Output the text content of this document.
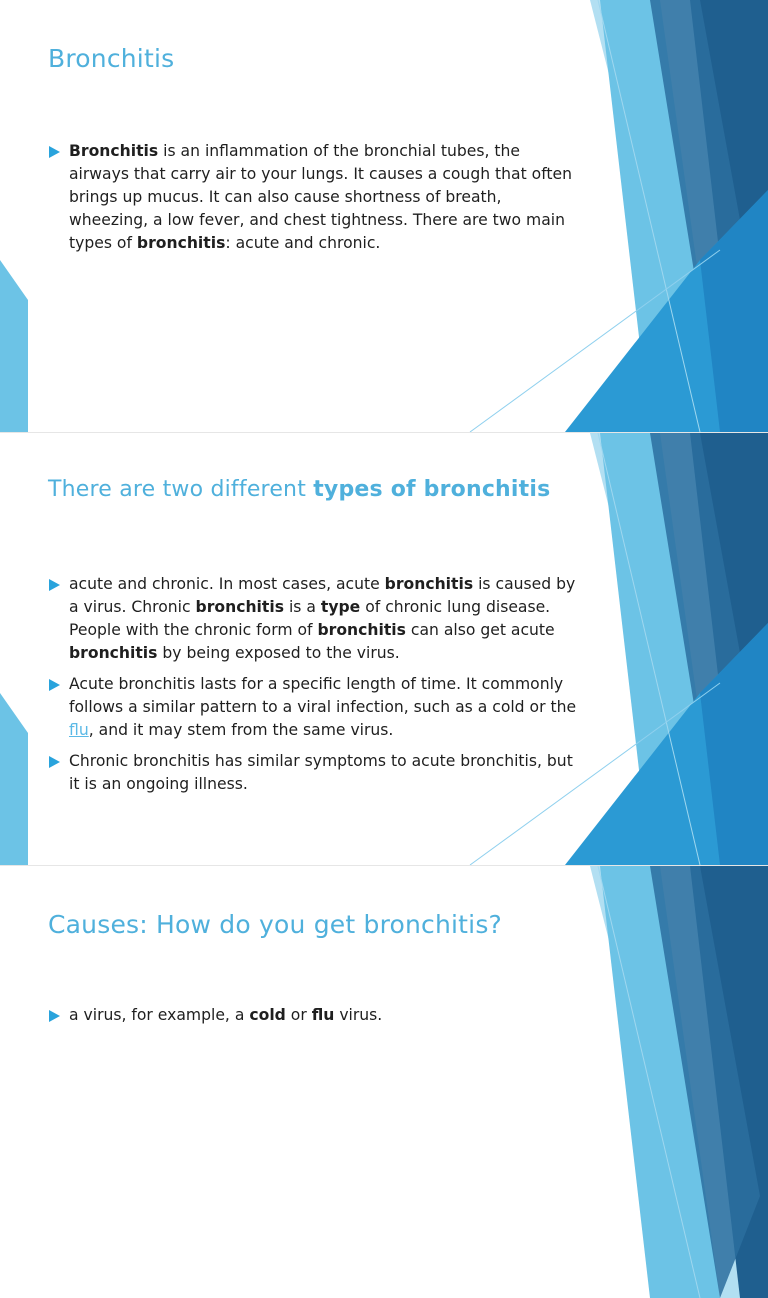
Bronchitis
Bronchitis is an inflammation of the bronchial tubes, the airways that carry air to your lungs. It causes a cough that often brings up mucus. It can also cause shortness of breath, wheezing, a low fever, and chest tightness. There are two main types of bronchitis: acute and chronic.
There are two different types of bronchitis
acute and chronic. In most cases, acute bronchitis is caused by a virus. Chronic bronchitis is a type of chronic lung disease. People with the chronic form of bronchitis can also get acute bronchitis by being exposed to the virus.
Acute bronchitis lasts for a specific length of time. It commonly follows a similar pattern to a viral infection, such as a cold or the flu, and it may stem from the same virus.
Chronic bronchitis has similar symptoms to acute bronchitis, but it is an ongoing illness.
Causes: How do you get bronchitis?
a virus, for example, a cold or flu virus.
